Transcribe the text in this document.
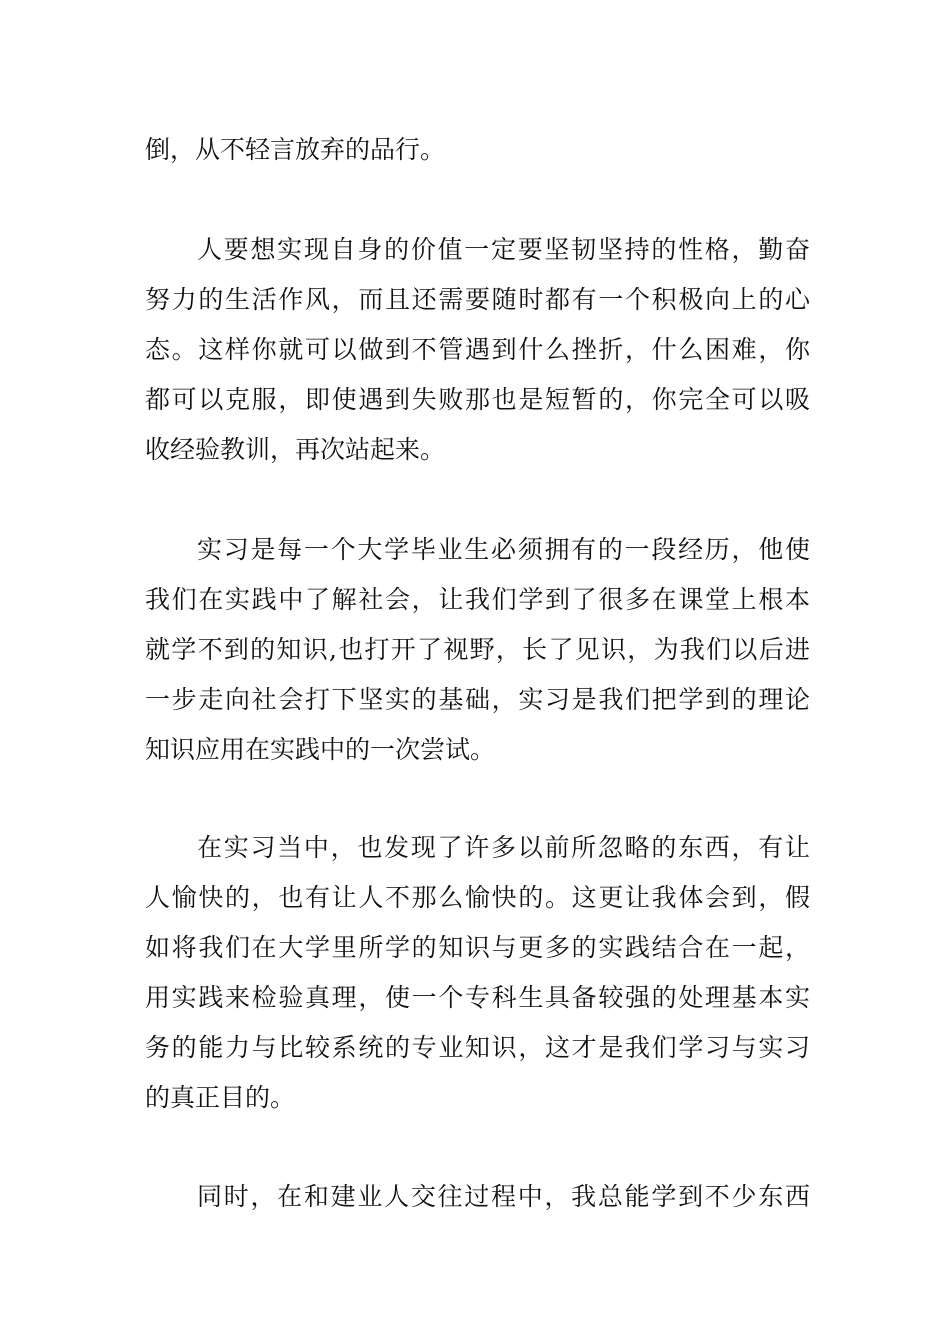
倒，从不轻言放弃的品行。
人要想实现自身的价值一定要坚韧坚持的性格，勤奋
努力的生活作风，而且还需要随时都有一个积极向上的心
态。这样你就可以做到不管遇到什么挫折，什么困难，你
都可以克服，即使遇到失败那也是短暂的，你完全可以吸
收经验教训，再次站起来。
实习是每一个大学毕业生必须拥有的一段经历，他使
我们在实践中了解社会，让我们学到了很多在课堂上根本
就学不到的知识,也打开了视野，长了见识，为我们以后进
一步走向社会打下坚实的基础，实习是我们把学到的理论
知识应用在实践中的一次尝试。
在实习当中，也发现了许多以前所忽略的东西，有让
人愉快的，也有让人不那么愉快的。这更让我体会到，假
如将我们在大学里所学的知识与更多的实践结合在一起，
用实践来检验真理，使一个专科生具备较强的处理基本实
务的能力与比较系统的专业知识，这才是我们学习与实习
的真正目的。
同时，在和建业人交往过程中，我总能学到不少东西
